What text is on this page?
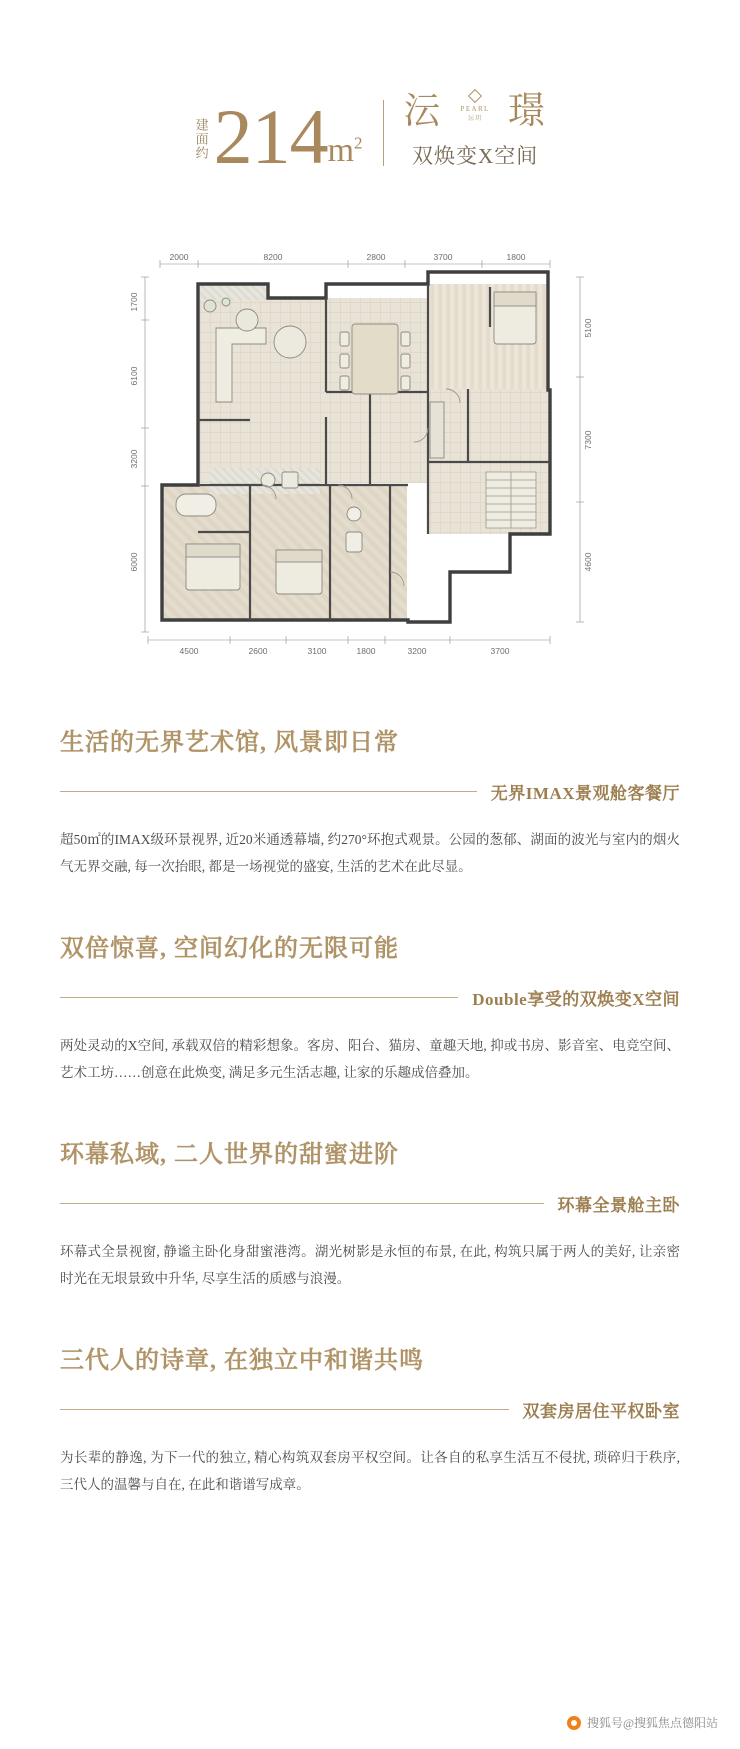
建面约 214 $m^2$
沄	PEARL
沄玥 璟
双焕变X空间
2000	8200	2800	3700	1800
1700
6100
3200
6000
5100
7300
4600
4500	2600	3100	1800	3200	3700
生活的无界艺术馆, 风景即日常
无界IMAX景观舱客餐厅

超50㎡的IMAX级环景视界, 近20米通透幕墙, 约270°环抱式观景。公园的葱郁、湖面的波光与室内的烟火气无界交融, 每一次抬眼, 都是一场视觉的盛宴, 生活的艺术在此尽显。

双倍惊喜, 空间幻化的无限可能
Double享受的双焕变X空间

两处灵动的X空间, 承载双倍的精彩想象。客房、阳台、猫房、童趣天地, 抑或书房、影音室、电竞空间、艺术工坊……创意在此焕变, 满足多元生活志趣, 让家的乐趣成倍叠加。

环幕私域, 二人世界的甜蜜进阶
环幕全景舱主卧

环幕式全景视窗, 静谧主卧化身甜蜜港湾。湖光树影是永恒的布景, 在此, 构筑只属于两人的美好, 让亲密时光在无垠景致中升华, 尽享生活的质感与浪漫。

三代人的诗章, 在独立中和谐共鸣
双套房居住平权卧室

为长辈的静逸, 为下一代的独立, 精心构筑双套房平权空间。让各自的私享生活互不侵扰, 琐碎归于秩序, 三代人的温馨与自在, 在此和谐谱写成章。

搜狐号@搜狐焦点德阳站
